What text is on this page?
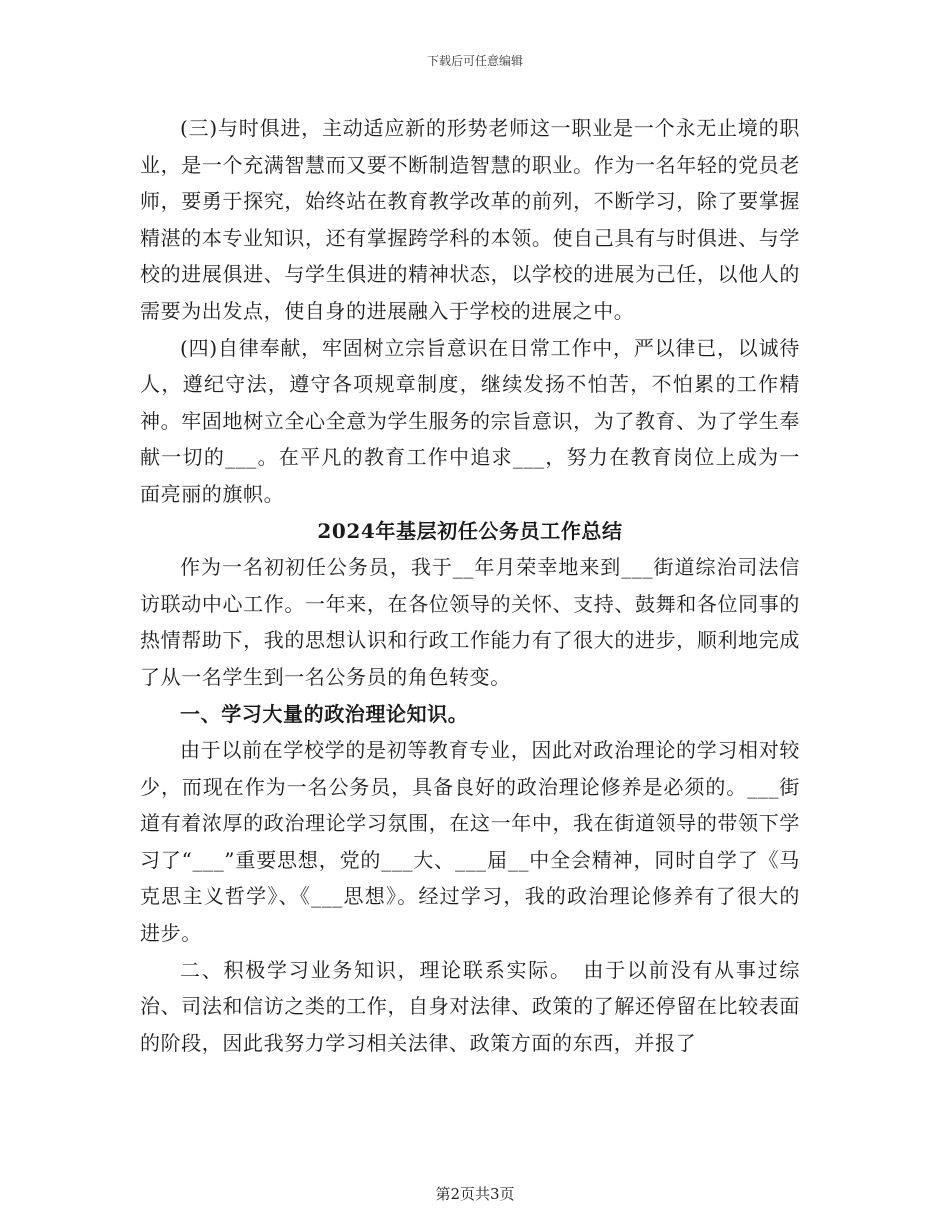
下载后可任意编辑

(三)与时俱进，主动适应新的形势老师这一职业是一个永无止境的职业，是一个充满智慧而又要不断制造智慧的职业。作为一名年轻的党员老师，要勇于探究，始终站在教育教学改革的前列，不断学习，除了要掌握精湛的本专业知识，还有掌握跨学科的本领。使自己具有与时俱进、与学校的进展俱进、与学生俱进的精神状态，以学校的进展为己任，以他人的需要为出发点，使自身的进展融入于学校的进展之中。

(四)自律奉献，牢固树立宗旨意识在日常工作中，严以律已，以诚待人，遵纪守法，遵守各项规章制度，继续发扬不怕苦，不怕累的工作精神。牢固地树立全心全意为学生服务的宗旨意识，为了教育、为了学生奉献一切的___。在平凡的教育工作中追求___，努力在教育岗位上成为一面亮丽的旗帜。

2024年基层初任公务员工作总结

作为一名初初任公务员，我于__年月荣幸地来到___街道综治司法信访联动中心工作。一年来，在各位领导的关怀、支持、鼓舞和各位同事的热情帮助下，我的思想认识和行政工作能力有了很大的进步，顺利地完成了从一名学生到一名公务员的角色转变。

一、学习大量的政治理论知识。

由于以前在学校学的是初等教育专业，因此对政治理论的学习相对较少，而现在作为一名公务员，具备良好的政治理论修养是必须的。___街道有着浓厚的政治理论学习氛围，在这一年中，我在街道领导的带领下学习了“___”重要思想，党的___大、___届__中全会精神，同时自学了《马克思主义哲学》、《___思想》。经过学习，我的政治理论修养有了很大的进步。

二、积极学习业务知识，理论联系实际。　由于以前没有从事过综治、司法和信访之类的工作，自身对法律、政策的了解还停留在比较表面的阶段，因此我努力学习相关法律、政策方面的东西，并报了

第2页共3页
